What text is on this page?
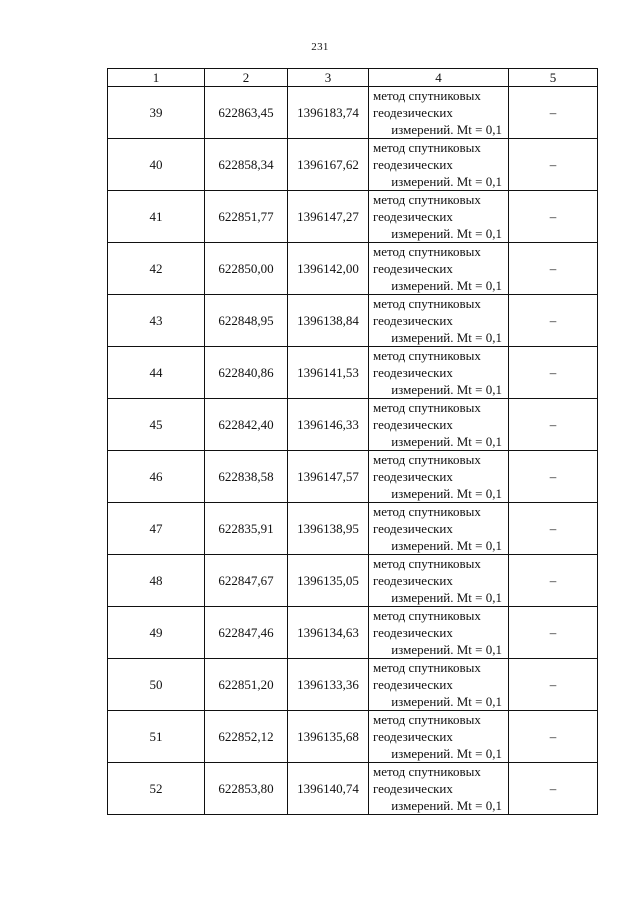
231
1	2	3	4	5
39	622863,45	1396183,74	метод спутниковых
геодезических
измерений. Mt = 0,1	–
40	622858,34	1396167,62	метод спутниковых
геодезических
измерений. Mt = 0,1	–
41	622851,77	1396147,27	метод спутниковых
геодезических
измерений. Mt = 0,1	–
42	622850,00	1396142,00	метод спутниковых
геодезических
измерений. Mt = 0,1	–
43	622848,95	1396138,84	метод спутниковых
геодезических
измерений. Mt = 0,1	–
44	622840,86	1396141,53	метод спутниковых
геодезических
измерений. Mt = 0,1	–
45	622842,40	1396146,33	метод спутниковых
геодезических
измерений. Mt = 0,1	–
46	622838,58	1396147,57	метод спутниковых
геодезических
измерений. Mt = 0,1	–
47	622835,91	1396138,95	метод спутниковых
геодезических
измерений. Mt = 0,1	–
48	622847,67	1396135,05	метод спутниковых
геодезических
измерений. Mt = 0,1	–
49	622847,46	1396134,63	метод спутниковых
геодезических
измерений. Mt = 0,1	–
50	622851,20	1396133,36	метод спутниковых
геодезических
измерений. Mt = 0,1	–
51	622852,12	1396135,68	метод спутниковых
геодезических
измерений. Mt = 0,1	–
52	622853,80	1396140,74	метод спутниковых
геодезических
измерений. Mt = 0,1	–
